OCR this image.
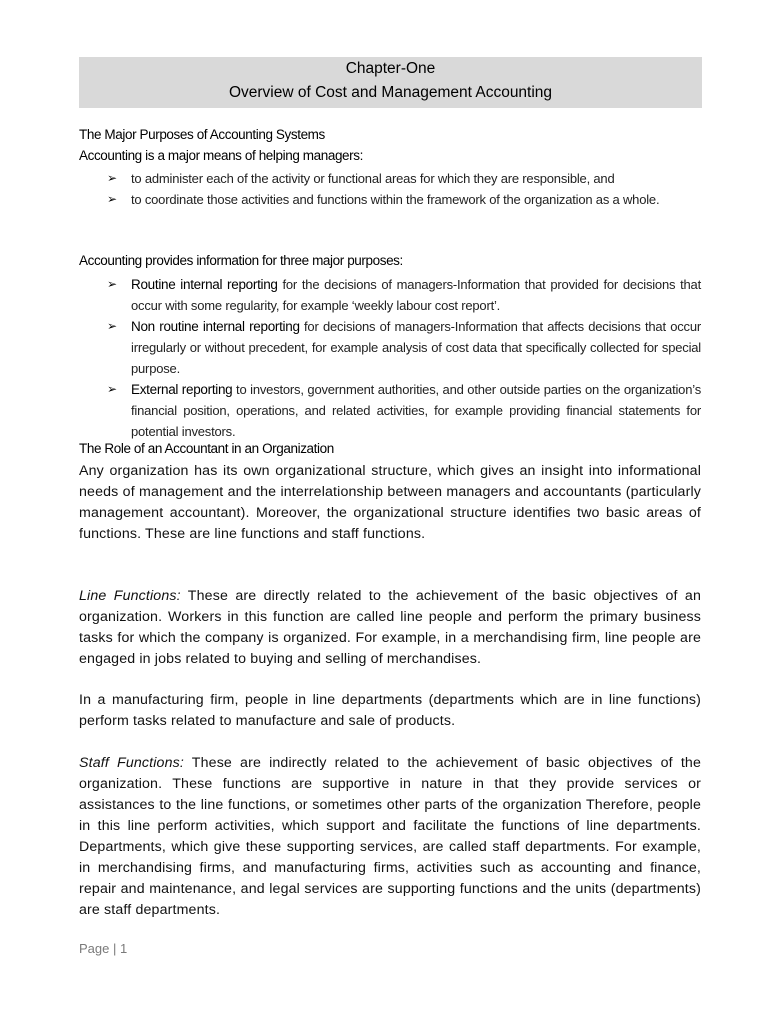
Chapter-One
Overview of Cost and Management Accounting
The Major Purposes of Accounting Systems
Accounting is a major means of helping managers:
➢ to administer each of the activity or functional areas for which they are responsible, and
➢ to coordinate those activities and functions within the framework of the organization as a whole.
Accounting provides information for three major purposes:
➢ Routine internal reporting for the decisions of managers-Information that provided for decisions that occur with some regularity, for example ‘weekly labour cost report’.
➢ Non routine internal reporting for decisions of managers-Information that affects decisions that occur irregularly or without precedent, for example analysis of cost data that specifically collected for special purpose.
➢ External reporting to investors, government authorities, and other outside parties on the organization’s financial position, operations, and related activities, for example providing financial statements for potential investors.
The Role of an Accountant in an Organization

Any organization has its own organizational structure, which gives an insight into informational needs of management and the interrelationship between managers and accountants (particularly management accountant). Moreover, the organizational structure identifies two basic areas of functions. These are line functions and staff functions.

Line Functions: These are directly related to the achievement of the basic objectives of an organization. Workers in this function are called line people and perform the primary business tasks for which the company is organized. For example, in a merchandising firm, line people are engaged in jobs related to buying and selling of merchandises.

In a manufacturing firm, people in line departments (departments which are in line functions) perform tasks related to manufacture and sale of products.

Staff Functions: These are indirectly related to the achievement of basic objectives of the organization. These functions are supportive in nature in that they provide services or assistances to the line functions, or sometimes other parts of the organization Therefore, people in this line perform activities, which support and facilitate the functions of line departments. Departments, which give these supporting services, are called staff departments. For example, in merchandising firms, and manufacturing firms, activities such as accounting and finance, repair and maintenance, and legal services are supporting functions and the units (departments) are staff departments.

Page | 1
